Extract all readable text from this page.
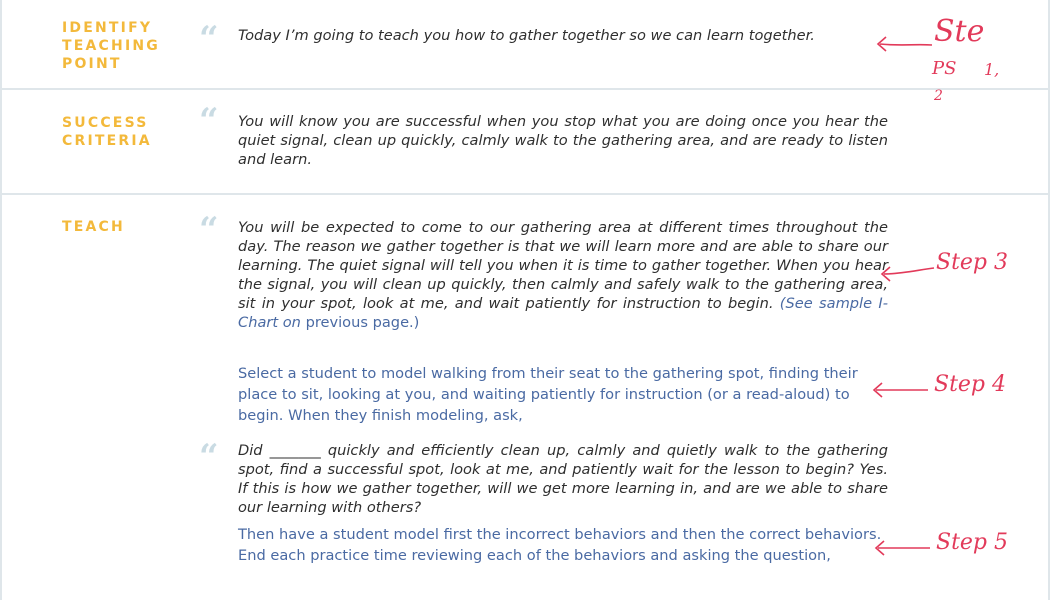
IDENTIFY
TEACHING
POINT
“ Today I’m going to teach you how to gather together so we can learn together.
SUCCESS
CRITERIA “ You will know you are successful when you stop what you are doing once you hear the quiet signal, clean up quickly, calmly walk to the gathering area, and are ready to listen and learn.
TEACH “ You will be expected to come to our gathering area at different times throughout the day. The reason we gather together is that we will learn more and are able to share our learning. The quiet signal will tell you when it is time to gather together. When you hear the signal, you will clean up quickly, then calmly and safely walk to the gathering area, sit in your spot, look at me, and wait patiently for instruction to begin. (See sample I-Chart on previous page.)
Select a student to model walking from their seat to the gathering spot, finding their place to sit, looking at you, and waiting patiently for instruction (or a read-aloud) to begin. When they finish modeling, ask,
“ Did _______ quickly and efficiently clean up, calmly and quietly walk to the gathering spot, find a successful spot, look at me, and patiently wait for the lesson to begin? Yes. If this is how we gather together, will we get more learning in, and are we able to share our learning with others?
Then have a student model first the incorrect behaviors and then the correct behaviors. End each practice time reviewing each of the behaviors and asking the question,
Ste
PS 1,
2
Step 3
Step 4
Step 5
